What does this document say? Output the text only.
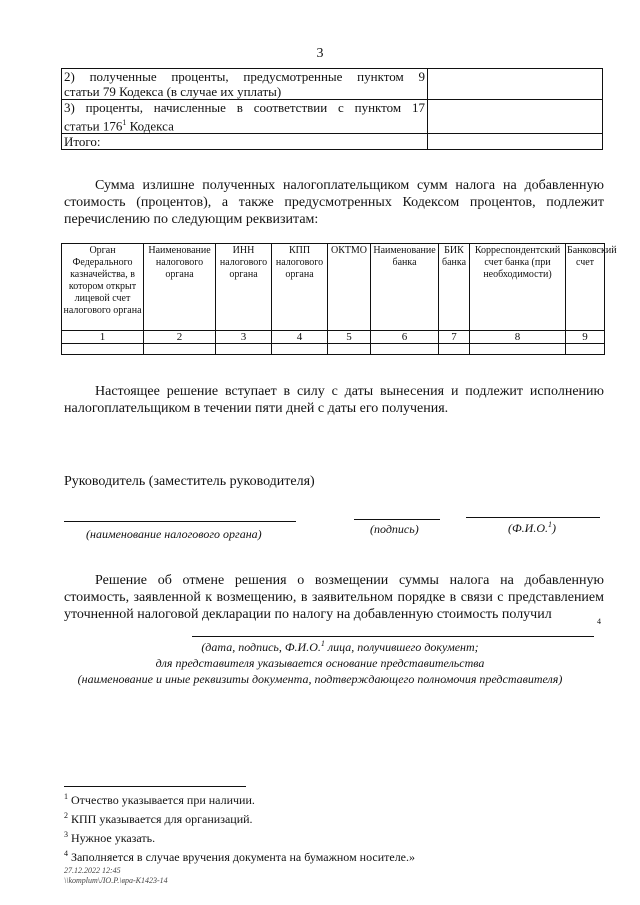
3
2) полученные проценты, предусмотренные пунктом 9
статьи 79 Кодекса (в случае их уплаты)	

3) проценты, начисленные в соответствии с пунктом 17
статьи $176^1$ Кодекса	

Итого:	
Сумма излишне полученных налогоплательщиком сумм налога на добавленную стоимость (процентов), а также предусмотренных Кодексом процентов, подлежит перечислению по следующим реквизитам:
Орган Федерального казначейства, в котором открыт лицевой счет налогового органа	Наименование налогового органа	ИНН налогового органа	КПП налогового органа	ОКТМО	Наименование банка	БИК банка	Корреспондентский счет банка (при необходимости)	Банковский счет
1	2	3	4	5	6	7	8	9

Настоящее решение вступает в силу с даты вынесения и подлежит исполнению налогоплательщиком в течении пяти дней с даты его получения.
Руководитель (заместитель руководителя)
(наименование налогового органа)	(подпись)	(Ф.И.О.$^1$)
Решение об отмене решения о возмещении суммы налога на добавленную стоимость, заявленной к возмещению, в заявительном порядке в связи с представлением уточненной налоговой декларации по налогу на добавленную стоимость получил	4
(дата, подпись, Ф.И.О.$^1$ лица, получившего документ;
для представителя указывается основание представительства
(наименование и иные реквизиты документа, подтверждающего полномочия представителя)
$^1$ Отчество указывается при наличии.
$^2$ КПП указывается для организаций.
$^3$ Нужное указать.
$^4$ Заполняется в случае вручения документа на бумажном носителе.»
27.12.2022 12:45
\\komplum\ЛО.Р.\вра-К1423-14
